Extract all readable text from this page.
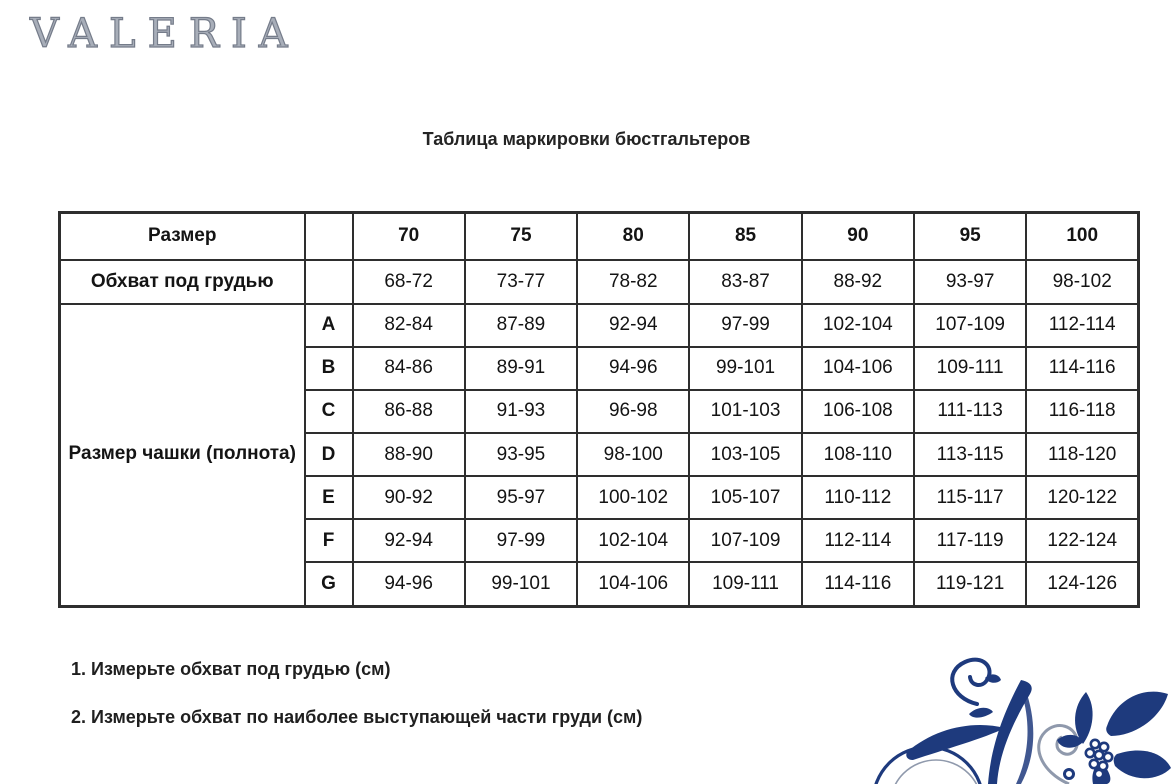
VALERIA
Таблица маркировки бюстгальтеров
Размер		70	75	80	85	90	95	100
Обхват под грудью		68-72	73-77	78-82	83-87	88-92	93-97	98-102
Размер чашки (полнота)	A	82-84	87-89	92-94	97-99	102-104	107-109	112-114
	B	84-86	89-91	94-96	99-101	104-106	109-111	114-116
	C	86-88	91-93	96-98	101-103	106-108	111-113	116-118
	D	88-90	93-95	98-100	103-105	108-110	113-115	118-120
	E	90-92	95-97	100-102	105-107	110-112	115-117	120-122
	F	92-94	97-99	102-104	107-109	112-114	117-119	122-124
	G	94-96	99-101	104-106	109-111	114-116	119-121	124-126

1. Измерьте обхват под грудью (см)

2. Измерьте обхват по наиболее выступающей части груди (см)
